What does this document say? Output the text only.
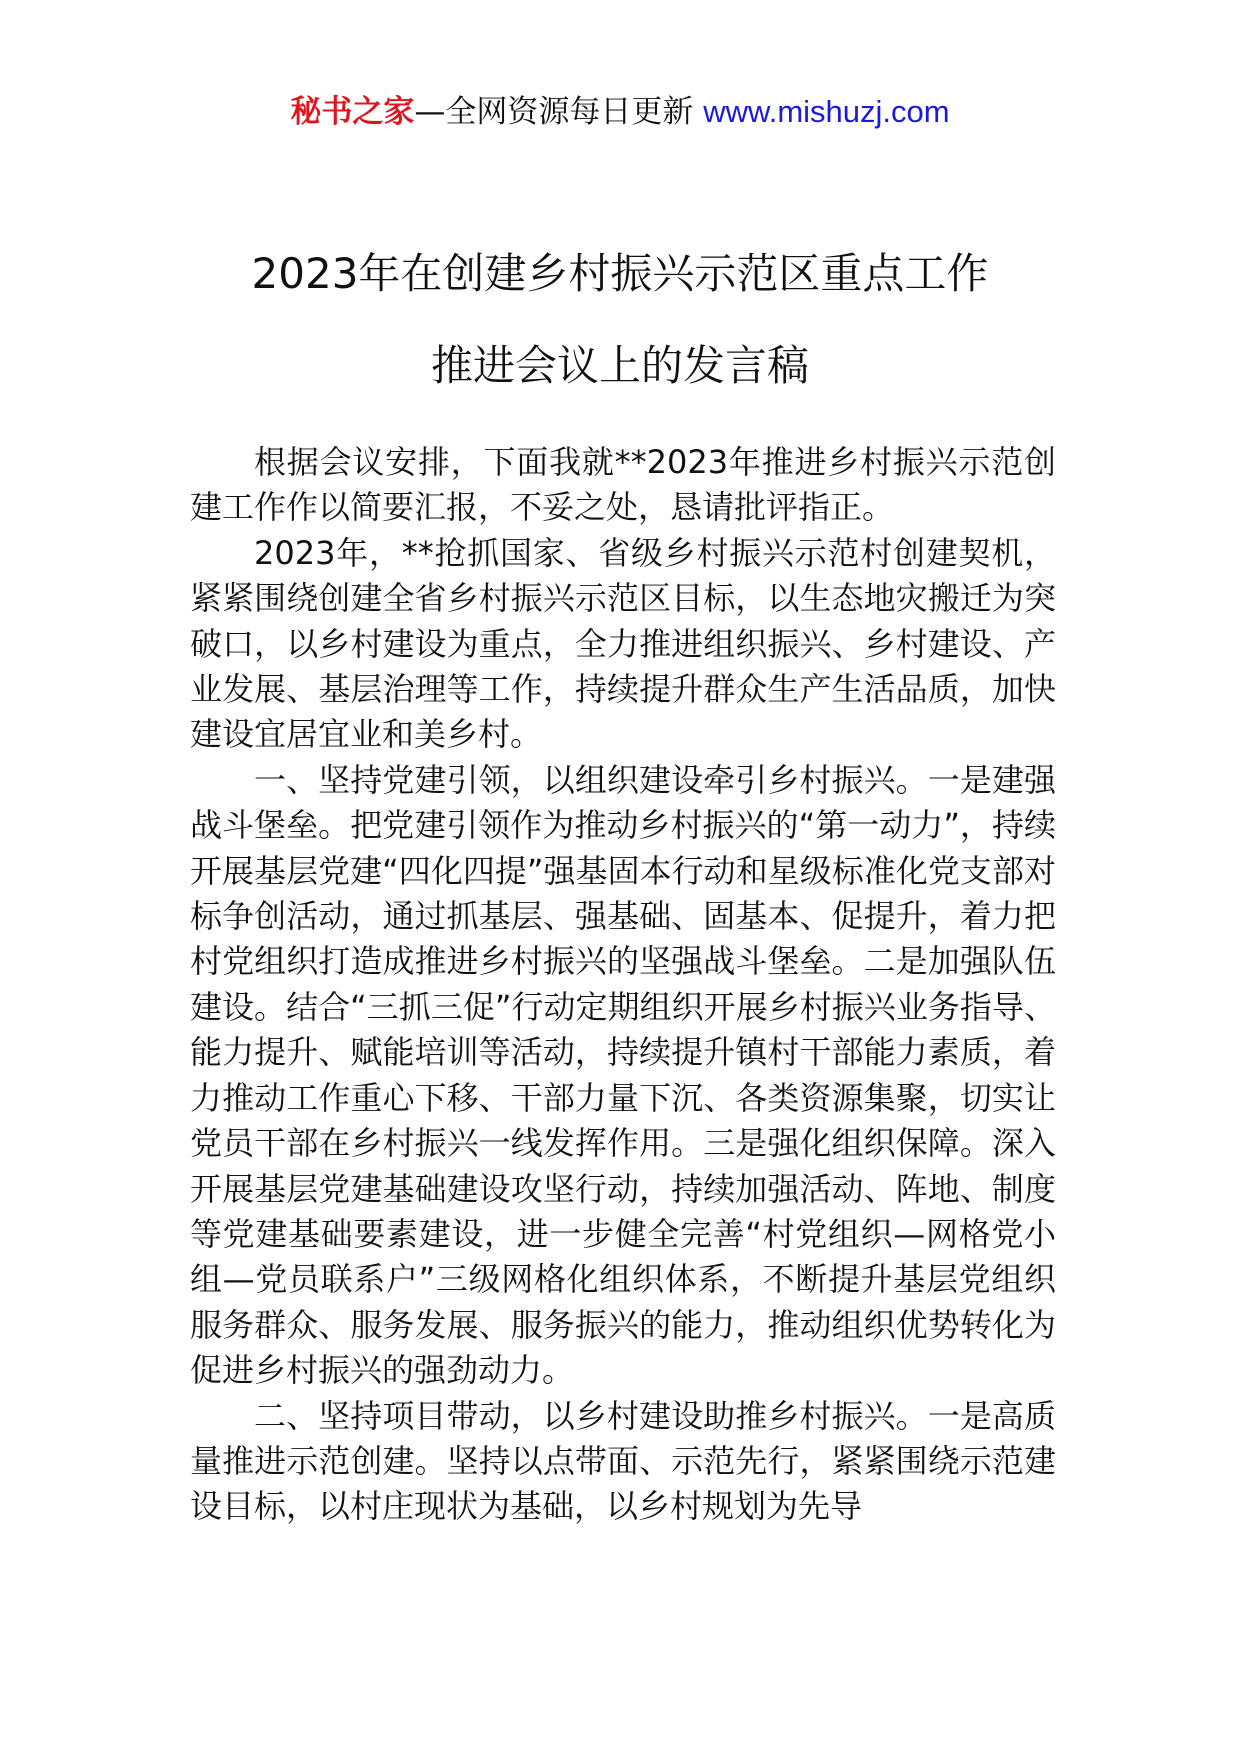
秘书之家—全网资源每日更新 www.mishuzj.com
2023年在创建乡村振兴示范区重点工作
推进会议上的发言稿

根据会议安排，下面我就**2023年推进乡村振兴示范创建工作作以简要汇报，不妥之处，恳请批评指正。

2023年，**抢抓国家、省级乡村振兴示范村创建契机，紧紧围绕创建全省乡村振兴示范区目标，以生态地灾搬迁为突破口，以乡村建设为重点，全力推进组织振兴、乡村建设、产业发展、基层治理等工作，持续提升群众生产生活品质，加快建设宜居宜业和美乡村。

一、坚持党建引领，以组织建设牵引乡村振兴。一是建强战斗堡垒。把党建引领作为推动乡村振兴的“第一动力”，持续开展基层党建“四化四提”强基固本行动和星级标准化党支部对标争创活动，通过抓基层、强基础、固基本、促提升，着力把村党组织打造成推进乡村振兴的坚强战斗堡垒。二是加强队伍建设。结合“三抓三促”行动定期组织开展乡村振兴业务指导、能力提升、赋能培训等活动，持续提升镇村干部能力素质，着力推动工作重心下移、干部力量下沉、各类资源集聚，切实让党员干部在乡村振兴一线发挥作用。三是强化组织保障。深入开展基层党建基础建设攻坚行动，持续加强活动、阵地、制度等党建基础要素建设，进一步健全完善“村党组织—网格党小组—党员联系户”三级网格化组织体系，不断提升基层党组织服务群众、服务发展、服务振兴的能力，推动组织优势转化为促进乡村振兴的强劲动力。

二、坚持项目带动，以乡村建设助推乡村振兴。一是高质量推进示范创建。坚持以点带面、示范先行，紧紧围绕示范建设目标，以村庄现状为基础，以乡村规划为先导
